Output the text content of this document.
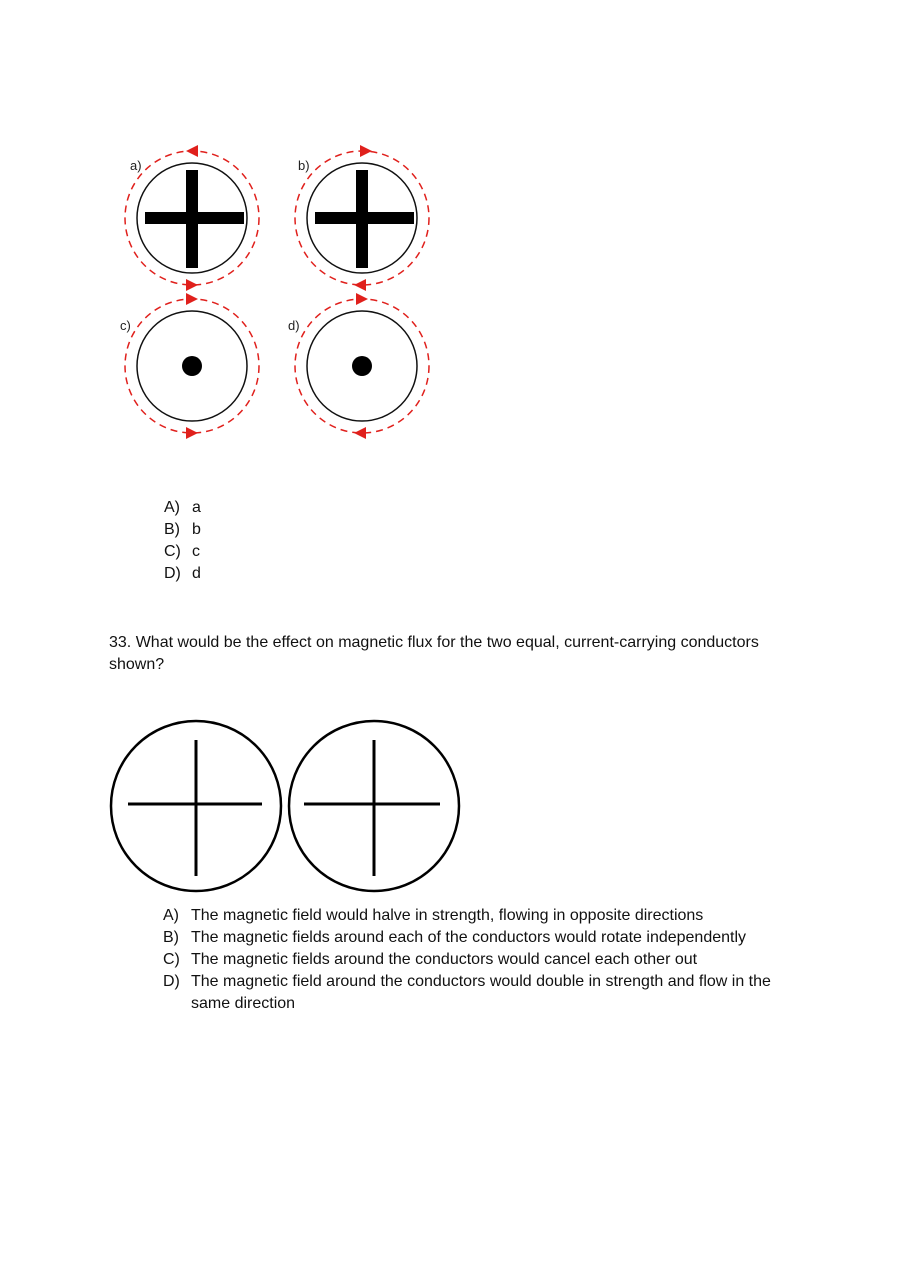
a)	b)
c)	d)
A) a
B) b
C) c
D) d
33. What would be the effect on magnetic flux for the two equal, current-carrying conductors shown?
A) The magnetic field would halve in strength, flowing in opposite directions
B) The magnetic fields around each of the conductors would rotate independently
C) The magnetic fields around the conductors would cancel each other out
D) The magnetic field around the conductors would double in strength and flow in the same direction
